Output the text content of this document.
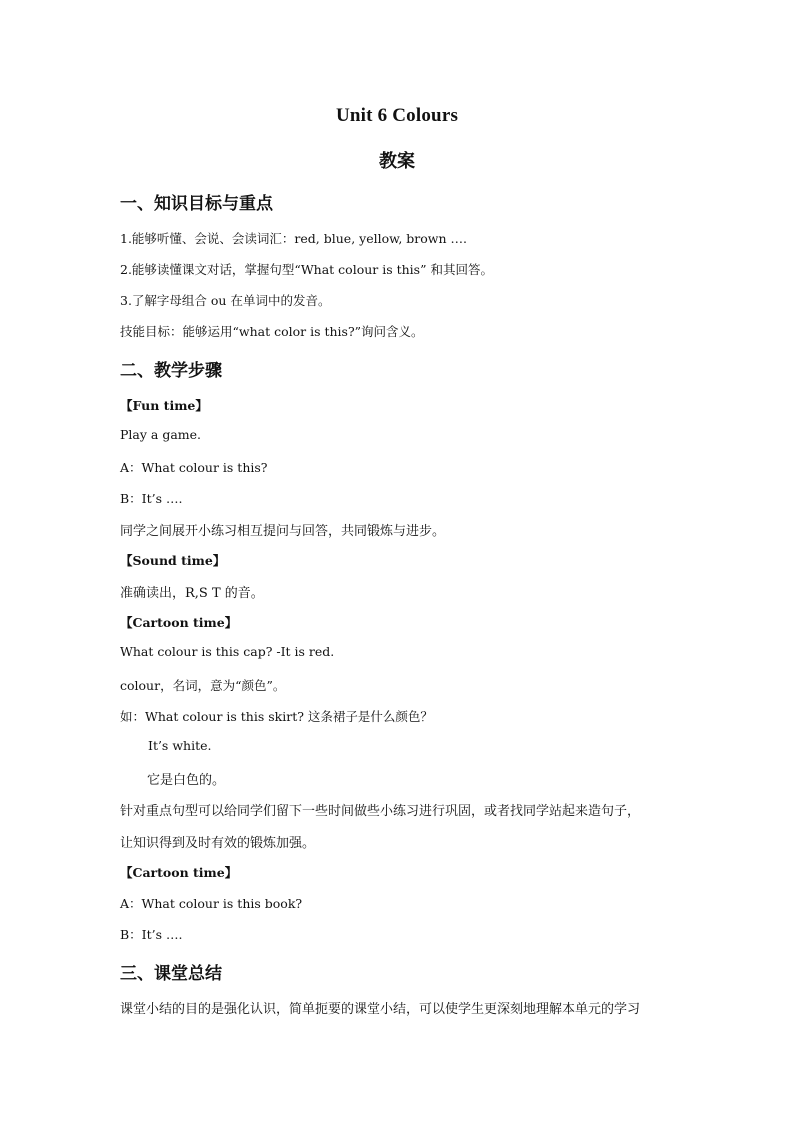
Unit 6 Colours
教案
一、知识目标与重点
1.能够听懂、会说、会读词汇：red, blue, yellow, brown ….
2.能够读懂课文对话，掌握句型“What colour is this” 和其回答。
3.了解字母组合 ou 在单词中的发音。
技能目标：能够运用“what color is this?”询问含义。
二、教学步骤
【Fun time】
Play a game.
A：What colour is this?
B：It’s ….
同学之间展开小练习相互提问与回答，共同锻炼与进步。
【Sound time】
准确读出，R,S T 的音。
【Cartoon time】
What colour is this cap? -It is red.
colour，名词，意为“颜色”。
如：What colour is this skirt? 这条裙子是什么颜色？
It’s white.
它是白色的。
针对重点句型可以给同学们留下一些时间做些小练习进行巩固，或者找同学站起来造句子，
让知识得到及时有效的锻炼加强。
【Cartoon time】
A：What colour is this book?
B：It’s ….
三、课堂总结
课堂小结的目的是强化认识，简单扼要的课堂小结，可以使学生更深刻地理解本单元的学习
